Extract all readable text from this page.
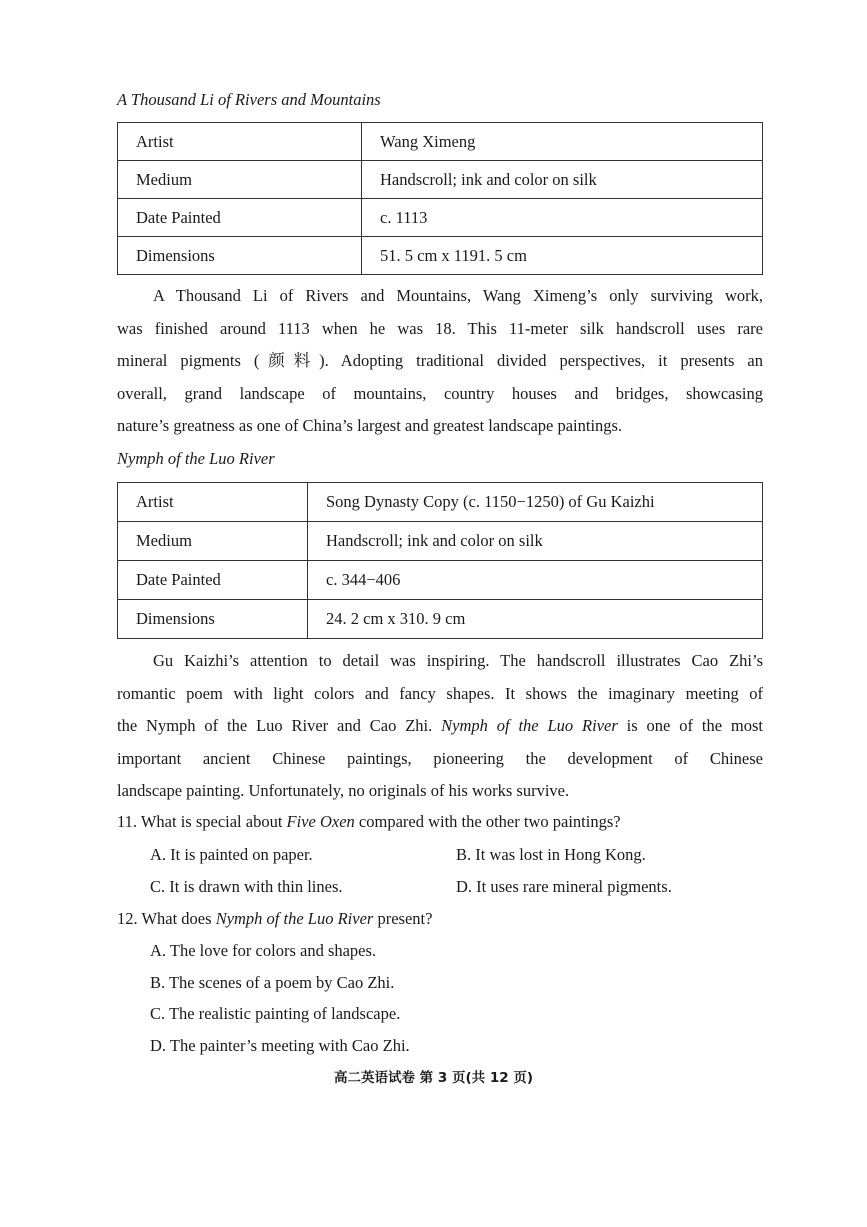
A Thousand Li of Rivers and Mountains
Artist	Wang Ximeng
Medium	Handscroll; ink and color on silk
Date Painted	c. 1113
Dimensions	51. 5 cm x 1191. 5 cm
A Thousand Li of Rivers and Mountains, Wang Ximeng’s only surviving work,
was finished around 1113 when he was 18. This 11-meter silk handscroll uses rare
mineral pigments (颜料). Adopting traditional divided perspectives, it presents an
overall, grand landscape of mountains, country houses and bridges, showcasing
nature’s greatness as one of China’s largest and greatest landscape paintings.
Nymph of the Luo River
Artist	Song Dynasty Copy (c. 1150−1250) of Gu Kaizhi
Medium	Handscroll; ink and color on silk
Date Painted	c. 344−406
Dimensions	24. 2 cm x 310. 9 cm
Gu Kaizhi’s attention to detail was inspiring. The handscroll illustrates Cao Zhi’s
romantic poem with light colors and fancy shapes. It shows the imaginary meeting of
the Nymph of the Luo River and Cao Zhi. Nymph of the Luo River is one of the most
important ancient Chinese paintings, pioneering the development of Chinese
landscape painting. Unfortunately, no originals of his works survive.
11. What is special about Five Oxen compared with the other two paintings?
A. It is painted on paper.	B. It was lost in Hong Kong.
C. It is drawn with thin lines.	D. It uses rare mineral pigments.
12. What does Nymph of the Luo River present?
A. The love for colors and shapes.
B. The scenes of a poem by Cao Zhi.
C. The realistic painting of landscape.
D. The painter’s meeting with Cao Zhi.
高二英语试卷 第 3 页(共 12 页)
